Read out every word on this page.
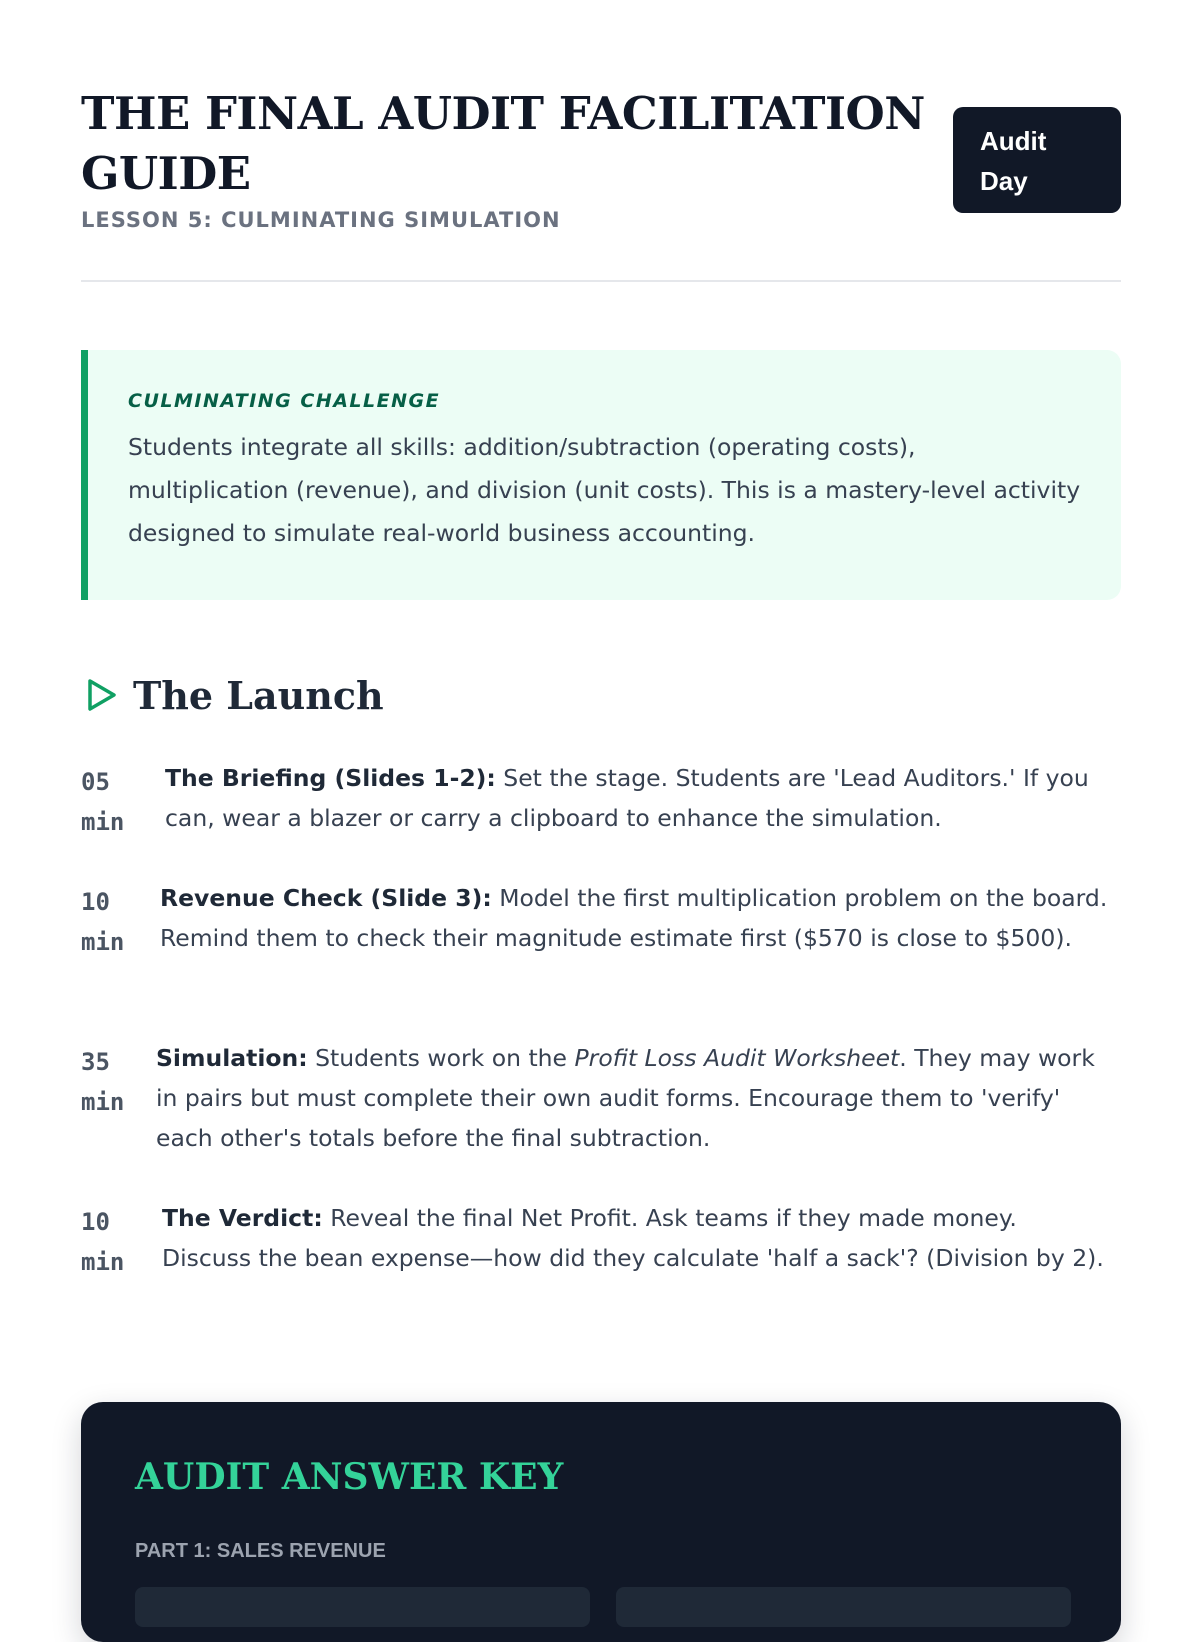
THE FINAL AUDIT FACILITATION GUIDE
LESSON 5: CULMINATING SIMULATION
Audit Day

CULMINATING CHALLENGE

Students integrate all skills: addition/subtraction (operating costs), multiplication (revenue), and division (unit costs). This is a mastery-level activity designed to simulate real-world business accounting.

The Launch
05 min
The Briefing (Slides 1-2): Set the stage. Students are 'Lead Auditors.' If you can, wear a blazer or carry a clipboard to enhance the simulation.
10 min
Revenue Check (Slide 3): Model the first multiplication problem on the board. Remind them to check their magnitude estimate first ($570 is close to $500).
35 min
Simulation: Students work on the Profit Loss Audit Worksheet. They may work in pairs but must complete their own audit forms. Encourage them to 'verify' each other's totals before the final subtraction.
10 min
The Verdict: Reveal the final Net Profit. Ask teams if they made money. Discuss the bean expense—how did they calculate 'half a sack'? (Division by 2).
AUDIT ANSWER KEY

PART 1: SALES REVENUE
